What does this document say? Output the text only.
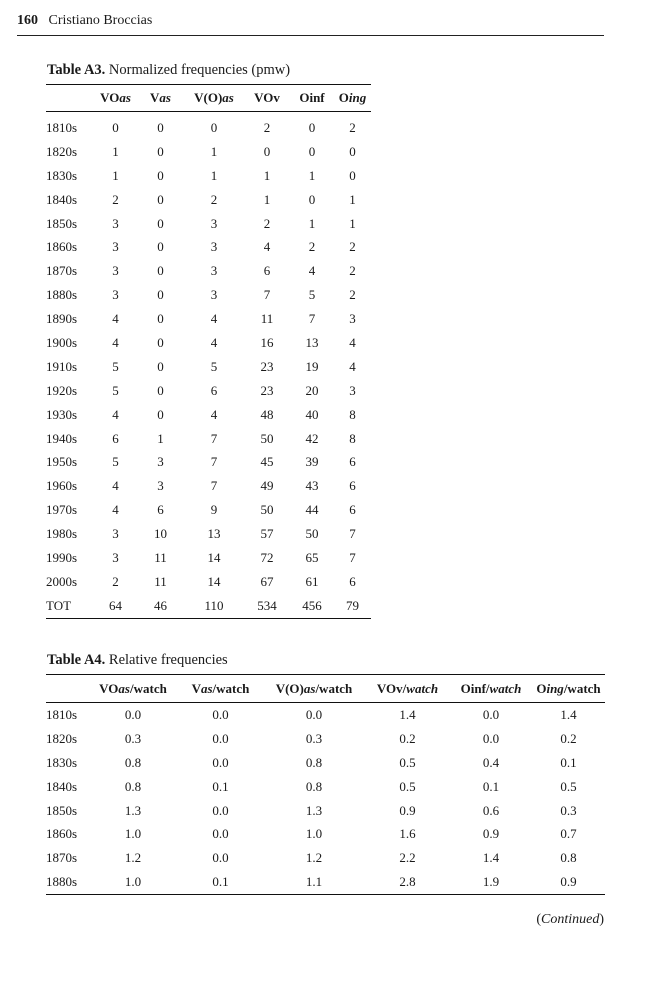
160 Cristiano Broccias
Table A3. Normalized frequencies (pmw)
	VOas	Vas	V(O)as	VOv	Oinf	Oing
1810s	0	0	0	2	0	2
1820s	1	0	1	0	0	0
1830s	1	0	1	1	1	0
1840s	2	0	2	1	0	1
1850s	3	0	3	2	1	1
1860s	3	0	3	4	2	2
1870s	3	0	3	6	4	2
1880s	3	0	3	7	5	2
1890s	4	0	4	11	7	3
1900s	4	0	4	16	13	4
1910s	5	0	5	23	19	4
1920s	5	0	6	23	20	3
1930s	4	0	4	48	40	8
1940s	6	1	7	50	42	8
1950s	5	3	7	45	39	6
1960s	4	3	7	49	43	6
1970s	4	6	9	50	44	6
1980s	3	10	13	57	50	7
1990s	3	11	14	72	65	7
2000s	2	11	14	67	61	6
TOT	64	46	110	534	456	79
Table A4. Relative frequencies
	VOas/watch	Vas/watch	V(O)as/watch	VOv/watch	Oinf/watch	Oing/watch
1810s	0.0	0.0	0.0	1.4	0.0	1.4
1820s	0.3	0.0	0.3	0.2	0.0	0.2
1830s	0.8	0.0	0.8	0.5	0.4	0.1
1840s	0.8	0.1	0.8	0.5	0.1	0.5
1850s	1.3	0.0	1.3	0.9	0.6	0.3
1860s	1.0	0.0	1.0	1.6	0.9	0.7
1870s	1.2	0.0	1.2	2.2	1.4	0.8
1880s	1.0	0.1	1.1	2.8	1.9	0.9
(Continued)
